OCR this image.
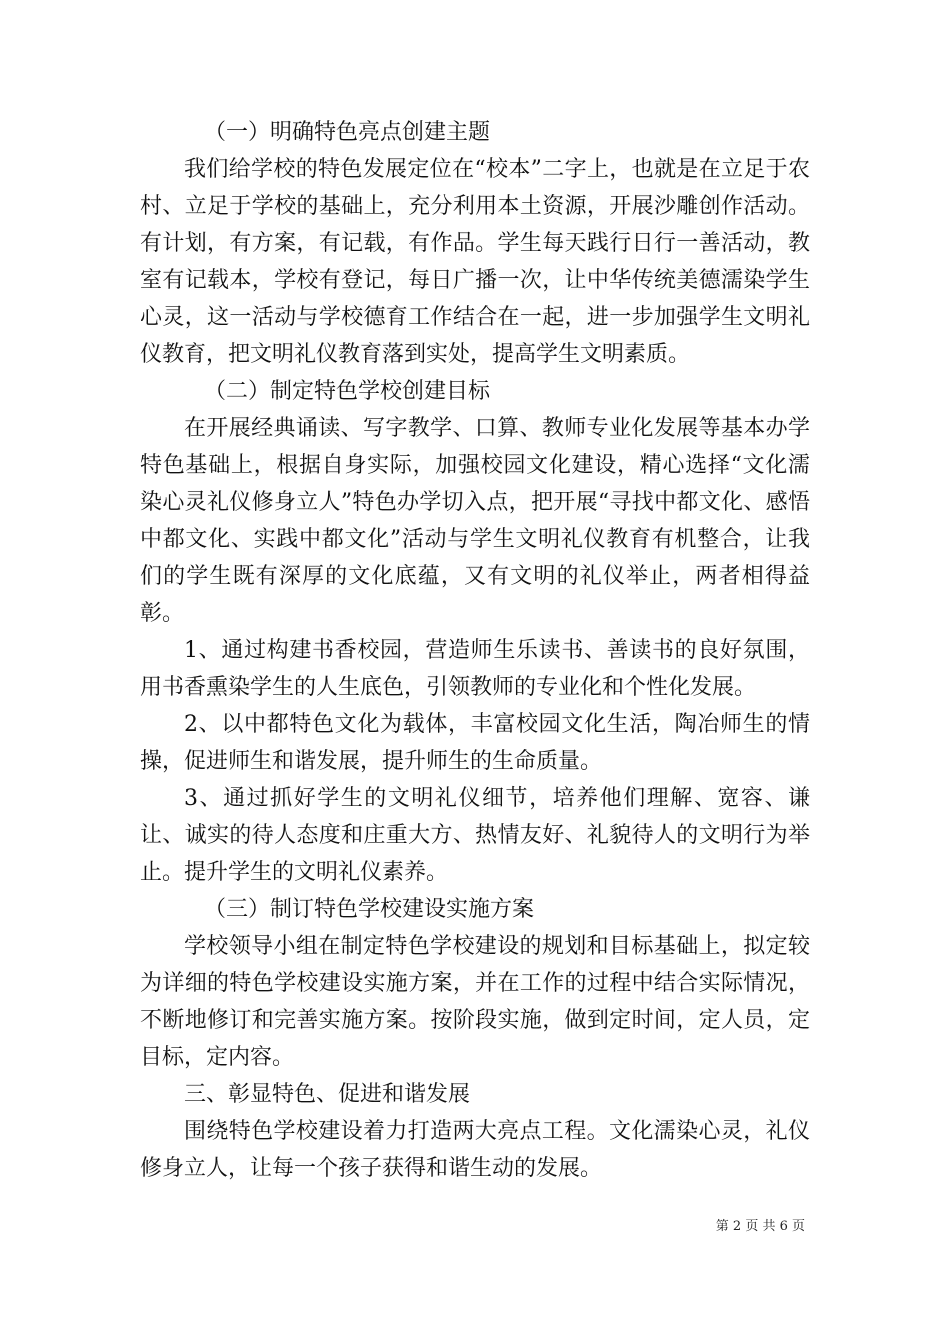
（一）明确特色亮点创建主题

我们给学校的特色发展定位在“校本”二字上，也就是在立足于农村、立足于学校的基础上，充分利用本土资源，开展沙雕创作活动。有计划，有方案，有记载，有作品。学生每天践行日行一善活动，教室有记载本，学校有登记，每日广播一次，让中华传统美德濡染学生心灵，这一活动与学校德育工作结合在一起，进一步加强学生文明礼仪教育，把文明礼仪教育落到实处，提高学生文明素质。

（二）制定特色学校创建目标

在开展经典诵读、写字教学、口算、教师专业化发展等基本办学特色基础上，根据自身实际，加强校园文化建设，精心选择“文化濡染心灵礼仪修身立人”特色办学切入点，把开展“寻找中都文化、感悟中都文化、实践中都文化”活动与学生文明礼仪教育有机整合，让我们的学生既有深厚的文化底蕴，又有文明的礼仪举止，两者相得益彰。

1、通过构建书香校园，营造师生乐读书、善读书的良好氛围，用书香熏染学生的人生底色，引领教师的专业化和个性化发展。

2、以中都特色文化为载体，丰富校园文化生活，陶冶师生的情操，促进师生和谐发展，提升师生的生命质量。

3、通过抓好学生的文明礼仪细节，培养他们理解、宽容、谦让、诚实的待人态度和庄重大方、热情友好、礼貌待人的文明行为举止。提升学生的文明礼仪素养。

（三）制订特色学校建设实施方案

学校领导小组在制定特色学校建设的规划和目标基础上，拟定较为详细的特色学校建设实施方案，并在工作的过程中结合实际情况，不断地修订和完善实施方案。按阶段实施，做到定时间，定人员，定目标，定内容。

三、彰显特色、促进和谐发展

围绕特色学校建设着力打造两大亮点工程。文化濡染心灵，礼仪修身立人，让每一个孩子获得和谐生动的发展。

第 2 页 共 6 页
